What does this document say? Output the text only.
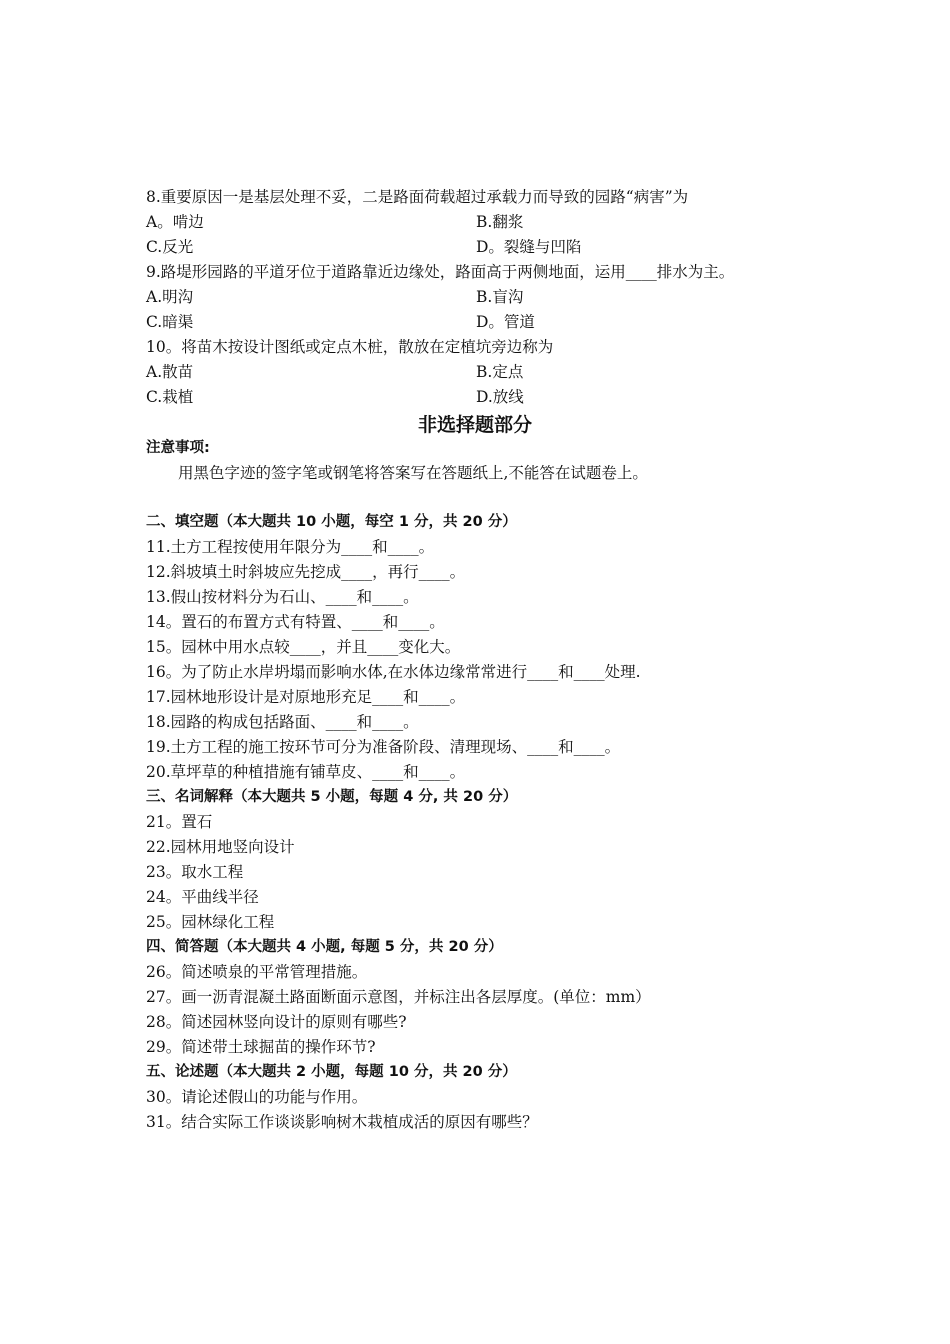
8.重要原因一是基层处理不妥，二是路面荷载超过承载力而导致的园路“病害”为
A。啃边	B.翻浆
C.反光	D。裂缝与凹陷
9.路堤形园路的平道牙位于道路靠近边缘处，路面高于两侧地面，运用____排水为主。
A.明沟	B.盲沟
C.暗渠	D。管道
10。将苗木按设计图纸或定点木桩，散放在定植坑旁边称为
A.散苗	B.定点
C.栽植	D.放线
非选择题部分
注意事项:
用黑色字迹的签字笔或钢笔将答案写在答题纸上,不能答在试题卷上。
二、填空题（本大题共 10 小题，每空 1 分，共 20 分）
11.土方工程按使用年限分为____和____。
12.斜坡填土时斜坡应先挖成____，再行____。
13.假山按材料分为石山、____和____。
14。置石的布置方式有特置、____和____。
15。园林中用水点较____，并且____变化大。
16。为了防止水岸坍塌而影响水体,在水体边缘常常进行____和____处理.
17.园林地形设计是对原地形充足____和____。
18.园路的构成包括路面、____和____。
19.土方工程的施工按环节可分为准备阶段、清理现场、____和____。
20.草坪草的种植措施有铺草皮、____和____。
三、名词解释（本大题共 5 小题，每题 4 分, 共 20 分）
21。置石
22.园林用地竖向设计
23。取水工程
24。平曲线半径
25。园林绿化工程
四、简答题（本大题共 4 小题, 每题 5 分，共 20 分）
26。简述喷泉的平常管理措施。
27。画一沥青混凝土路面断面示意图，并标注出各层厚度。(单位：mm）
28。简述园林竖向设计的原则有哪些?
29。简述带土球掘苗的操作环节?
五、论述题（本大题共 2 小题，每题 10 分，共 20 分）
30。请论述假山的功能与作用。
31。结合实际工作谈谈影响树木栽植成活的原因有哪些？
